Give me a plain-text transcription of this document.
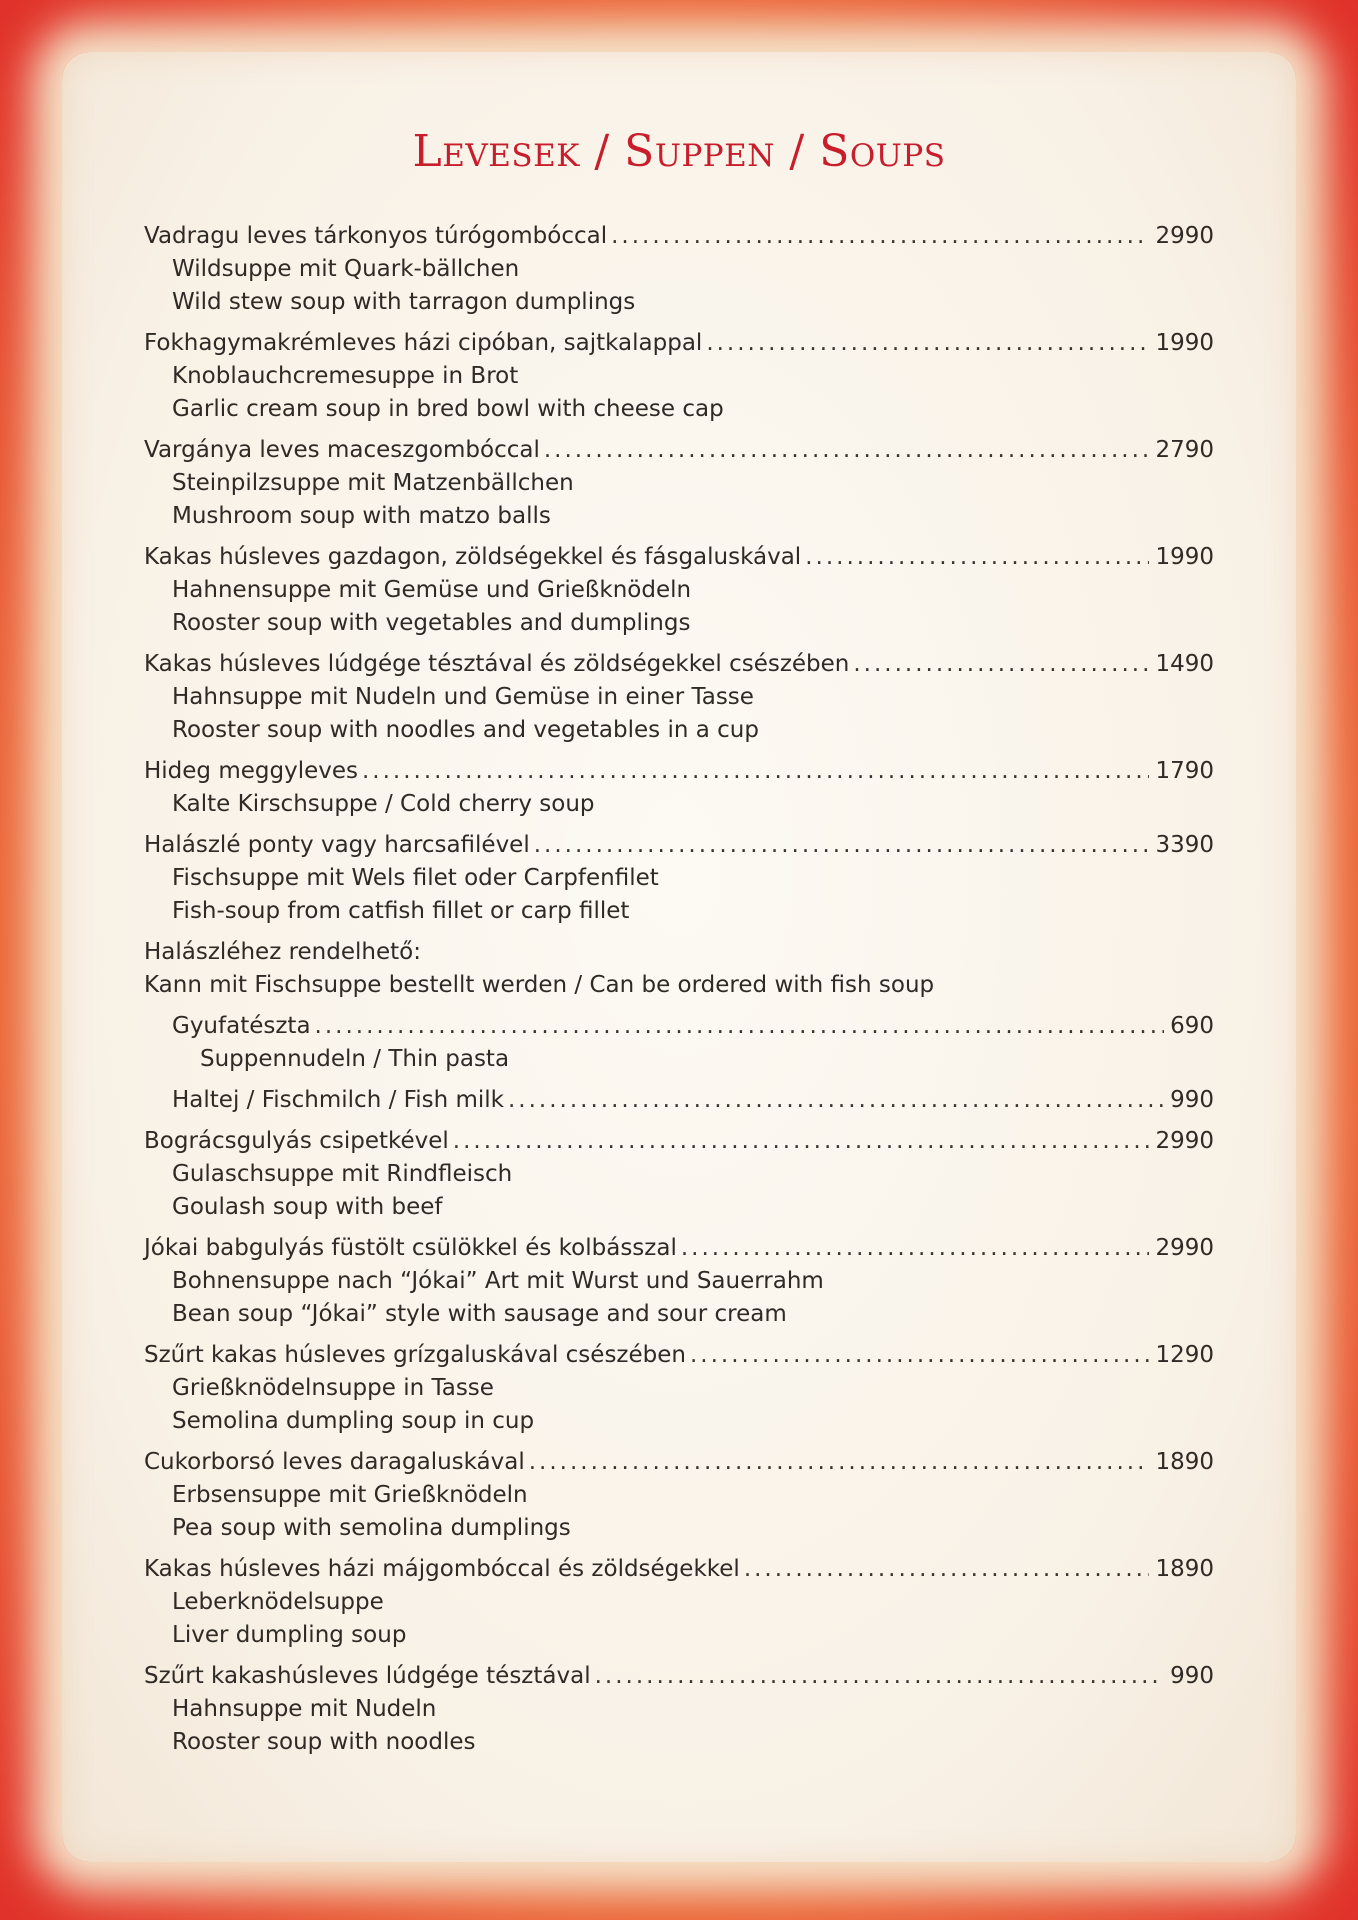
Levesek / Suppen / Soups
Vadragu leves tárkonyos túrógombóccal .....	2990
Wildsuppe mit Quark-bällchen
Wild stew soup with tarragon dumplings
Fokhagymakrémleves házi cipóban, sajtkalappal .....	1990
Knoblauchcremesuppe in Brot
Garlic cream soup in bred bowl with cheese cap
Vargánya leves maceszgombóccal .....	2790
Steinpilzsuppe mit Matzenbällchen
Mushroom soup with matzo balls
Kakas húsleves gazdagon, zöldségekkel és fásgaluskával .....	1990
Hahnensuppe mit Gemüse und Grießknödeln
Rooster soup with vegetables and dumplings
Kakas húsleves lúdgége tésztával és zöldségekkel csészében .....	1490
Hahnsuppe mit Nudeln und Gemüse in einer Tasse
Rooster soup with noodles and vegetables in a cup
Hideg meggyleves .....	1790
Kalte Kirschsuppe / Cold cherry soup
Halászlé ponty vagy harcsafilével .....	3390
Fischsuppe mit Wels filet oder Carpfenfilet
Fish-soup from catfish fillet or carp fillet
Halászléhez rendelhető:
Kann mit Fischsuppe bestellt werden / Can be ordered with fish soup
Gyufatészta .....	690
Suppennudeln / Thin pasta
Haltej / Fischmilch / Fish milk .....	990
Bográcsgulyás csipetkével .....	2990
Gulaschsuppe mit Rindfleisch
Goulash soup with beef
Jókai babgulyás füstölt csülökkel és kolbásszal .....	2990
Bohnensuppe nach “Jókai” Art mit Wurst und Sauerrahm
Bean soup “Jókai” style with sausage and sour cream
Szűrt kakas húsleves grízgaluskával csészében .....	1290
Grießknödelnsuppe in Tasse
Semolina dumpling soup in cup
Cukorborsó leves daragaluskával .....	1890
Erbsensuppe mit Grießknödeln
Pea soup with semolina dumplings
Kakas húsleves házi májgombóccal és zöldségekkel .....	1890
Leberknödelsuppe
Liver dumpling soup
Szűrt kakashúsleves lúdgége tésztával .....	990
Hahnsuppe mit Nudeln
Rooster soup with noodles
